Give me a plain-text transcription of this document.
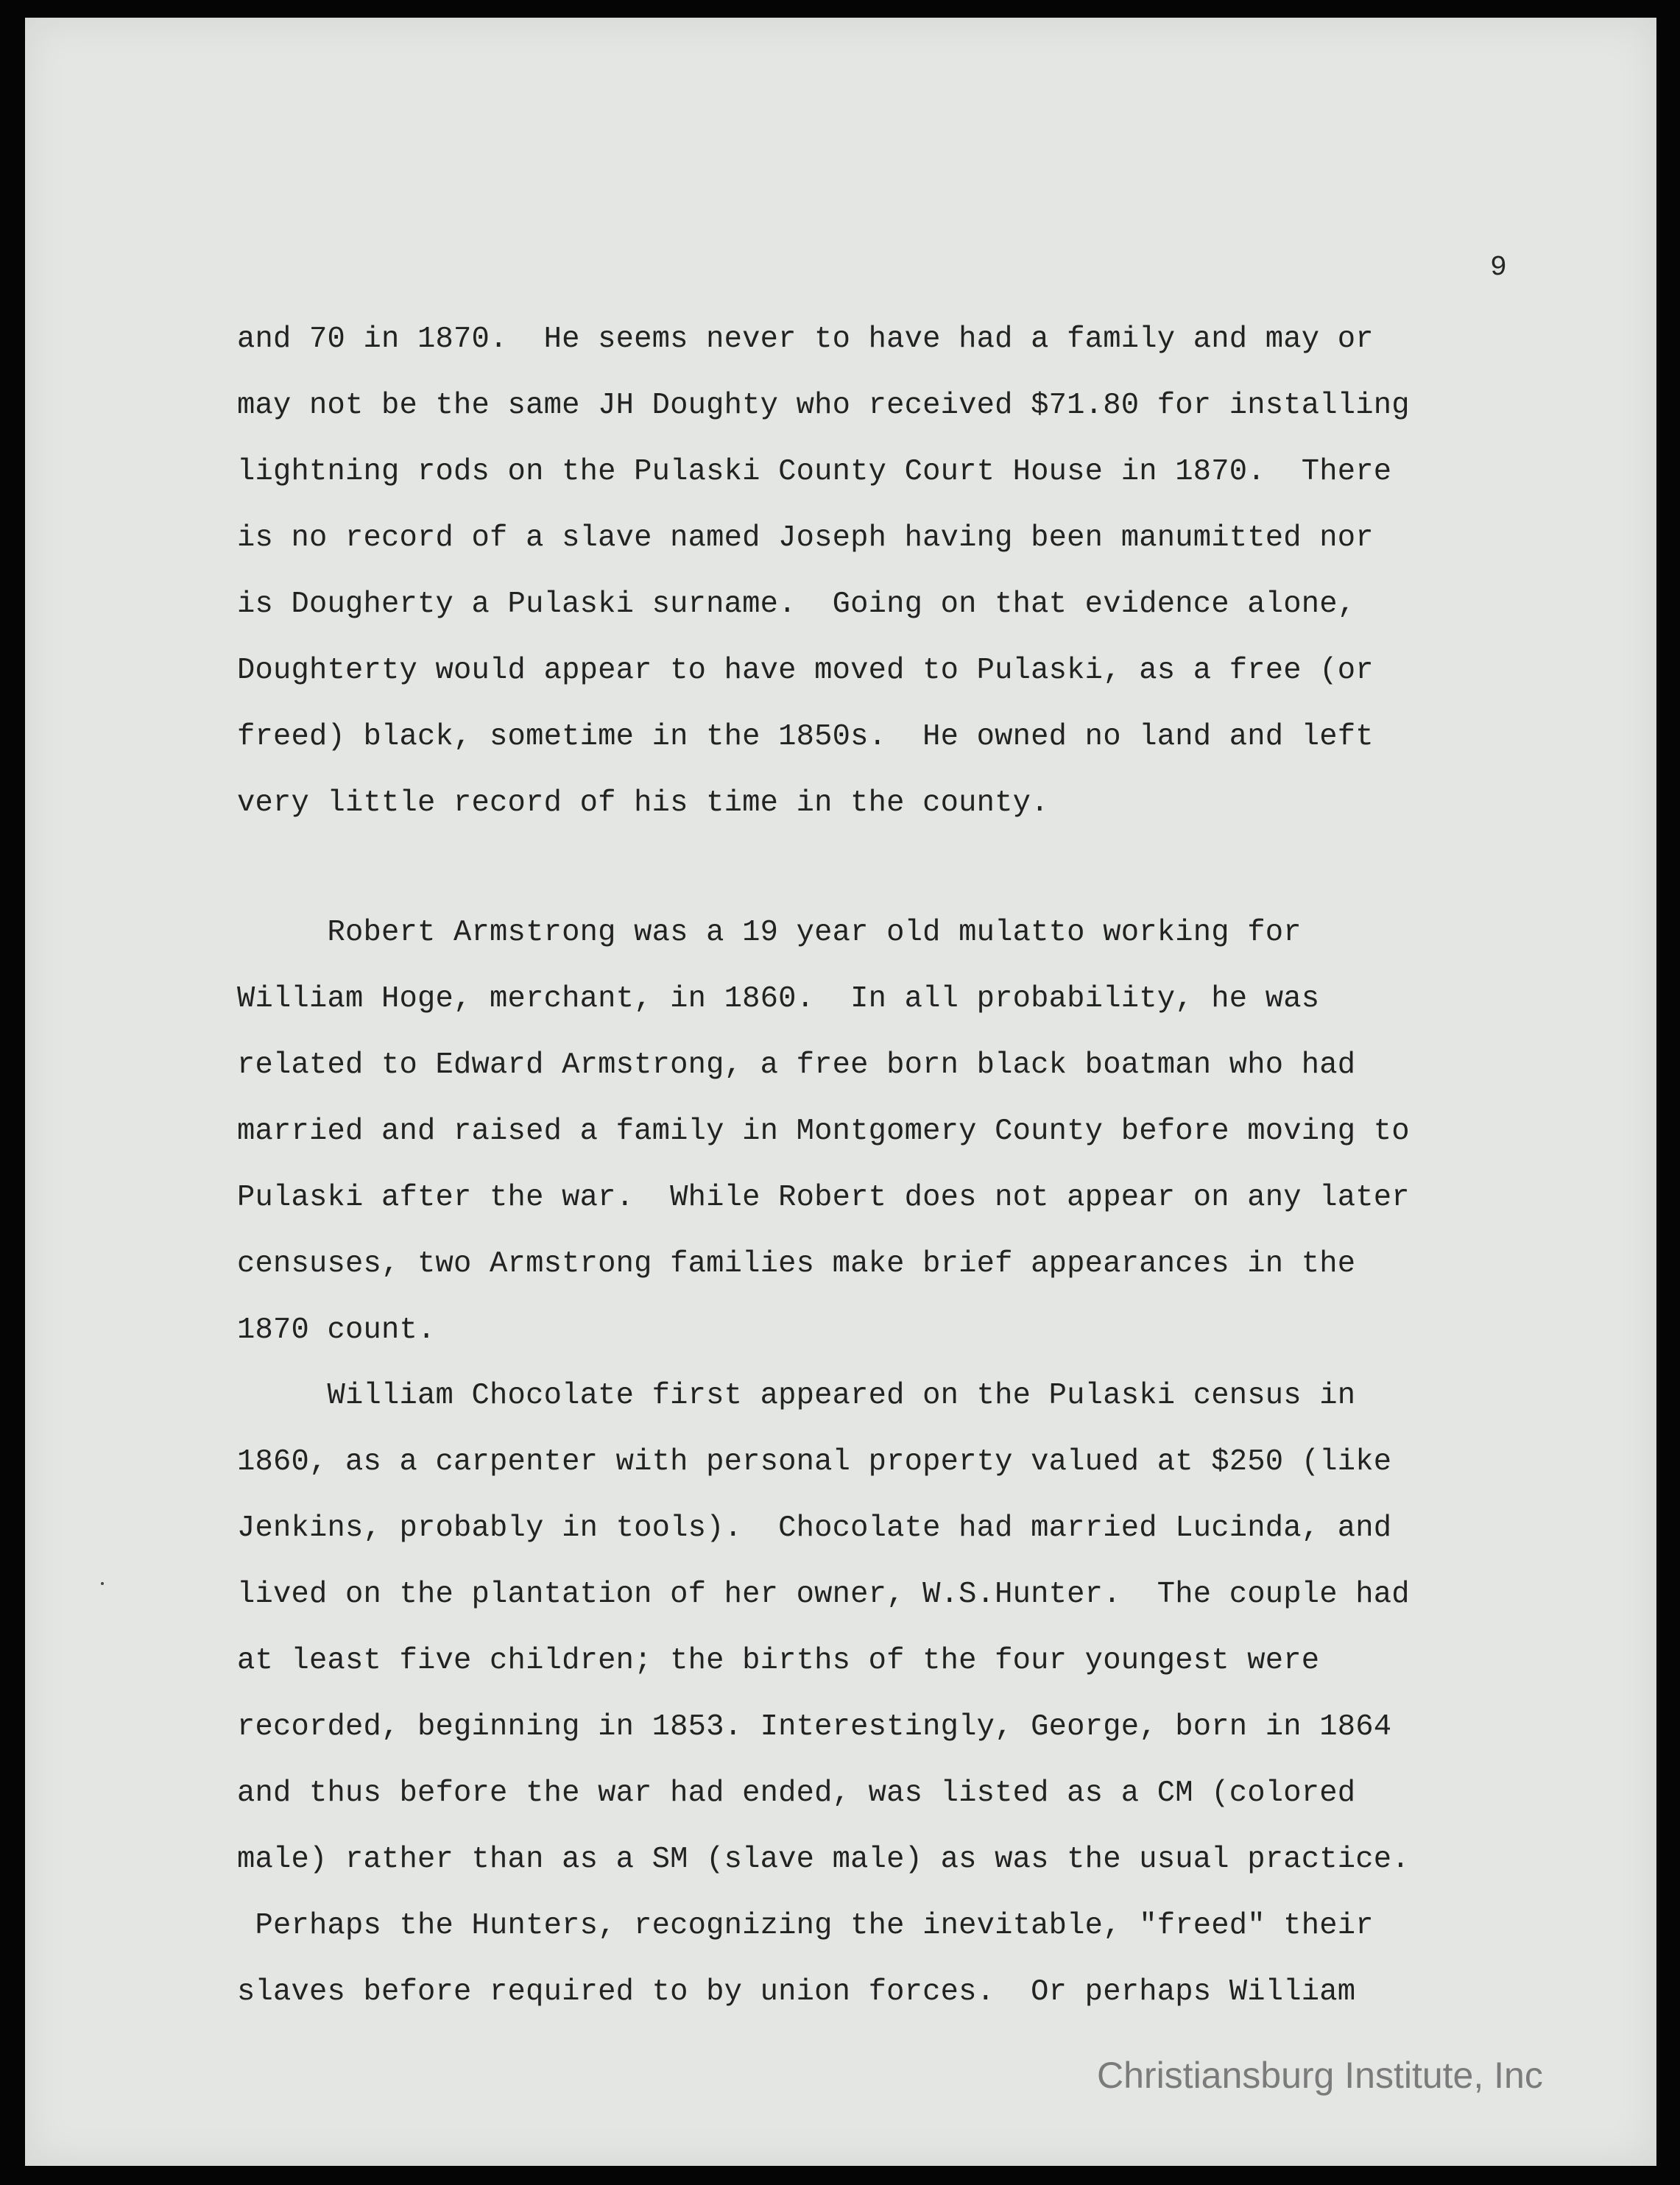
9
and 70 in 1870.  He seems never to have had a family and may or
may not be the same JH Doughty who received $71.80 for installing
lightning rods on the Pulaski County Court House in 1870.  There
is no record of a slave named Joseph having been manumitted nor
is Dougherty a Pulaski surname.  Going on that evidence alone,
Doughterty would appear to have moved to Pulaski, as a free (or
freed) black, sometime in the 1850s.  He owned no land and left
very little record of his time in the county.
Robert Armstrong was a 19 year old mulatto working for
William Hoge, merchant, in 1860.  In all probability, he was
related to Edward Armstrong, a free born black boatman who had
married and raised a family in Montgomery County before moving to
Pulaski after the war.  While Robert does not appear on any later
censuses, two Armstrong families make brief appearances in the
1870 count.
William Chocolate first appeared on the Pulaski census in
1860, as a carpenter with personal property valued at $250 (like
Jenkins, probably in tools).  Chocolate had married Lucinda, and
lived on the plantation of her owner, W.S.Hunter.  The couple had
at least five children; the births of the four youngest were
recorded, beginning in 1853. Interestingly, George, born in 1864
and thus before the war had ended, was listed as a CM (colored
male) rather than as a SM (slave male) as was the usual practice.
Perhaps the Hunters, recognizing the inevitable, "freed" their
slaves before required to by union forces.  Or perhaps William
Christiansburg Institute, Inc
